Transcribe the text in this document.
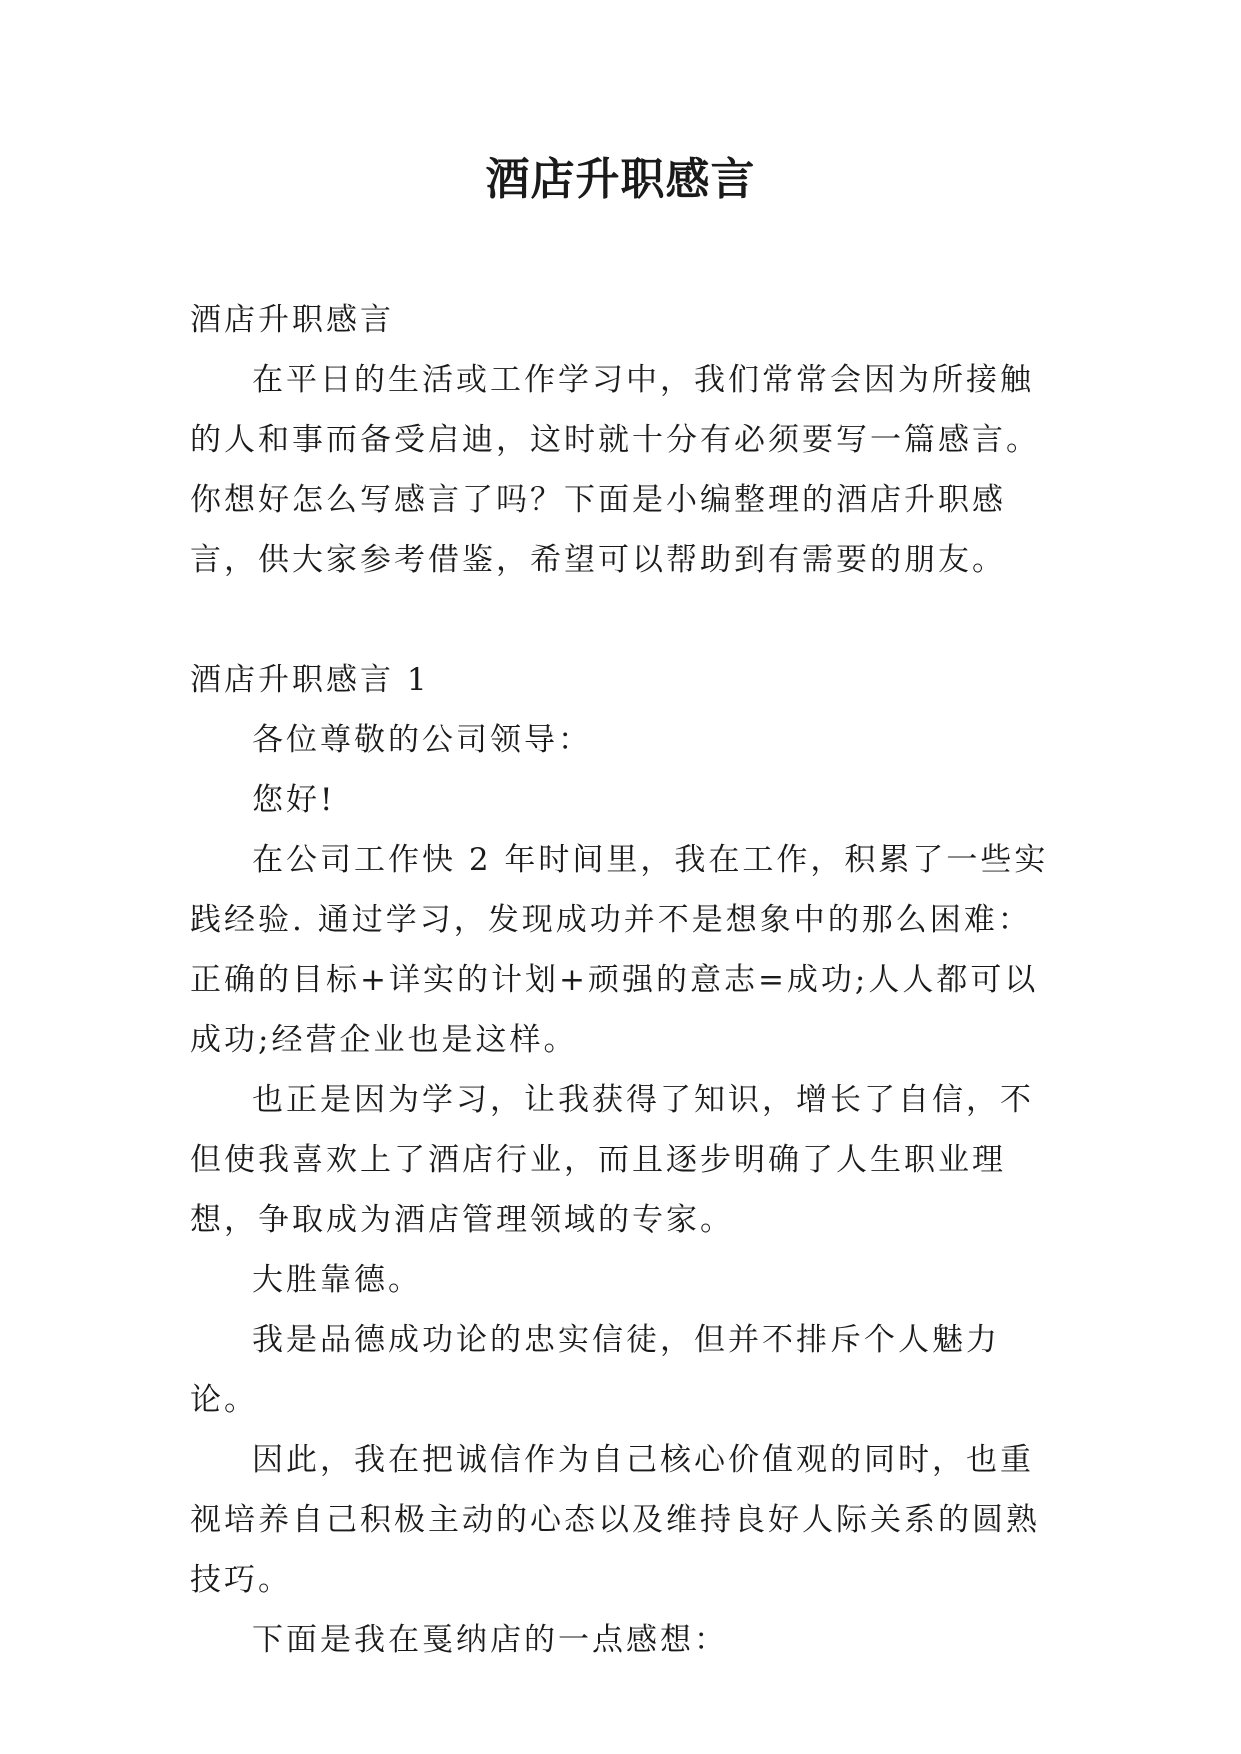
酒店升职感言

酒店升职感言

在平日的生活或工作学习中，我们常常会因为所接触的人和事而备受启迪，这时就十分有必须要写一篇感言。你想好怎么写感言了吗？下面是小编整理的酒店升职感言，供大家参考借鉴，希望可以帮助到有需要的朋友。

酒店升职感言 1

各位尊敬的公司领导：

您好!

在公司工作快 2 年时间里，我在工作，积累了一些实践经验. 通过学习，发现成功并不是想象中的那么困难：正确的目标+详实的计划+顽强的意志=成功;人人都可以成功;经营企业也是这样。

也正是因为学习，让我获得了知识，增长了自信，不但使我喜欢上了酒店行业，而且逐步明确了人生职业理想，争取成为酒店管理领域的专家。

大胜靠德。

我是品德成功论的忠实信徒，但并不排斥个人魅力论。

因此，我在把诚信作为自己核心价值观的同时，也重视培养自己积极主动的心态以及维持良好人际关系的圆熟技巧。

下面是我在戛纳店的一点感想：
